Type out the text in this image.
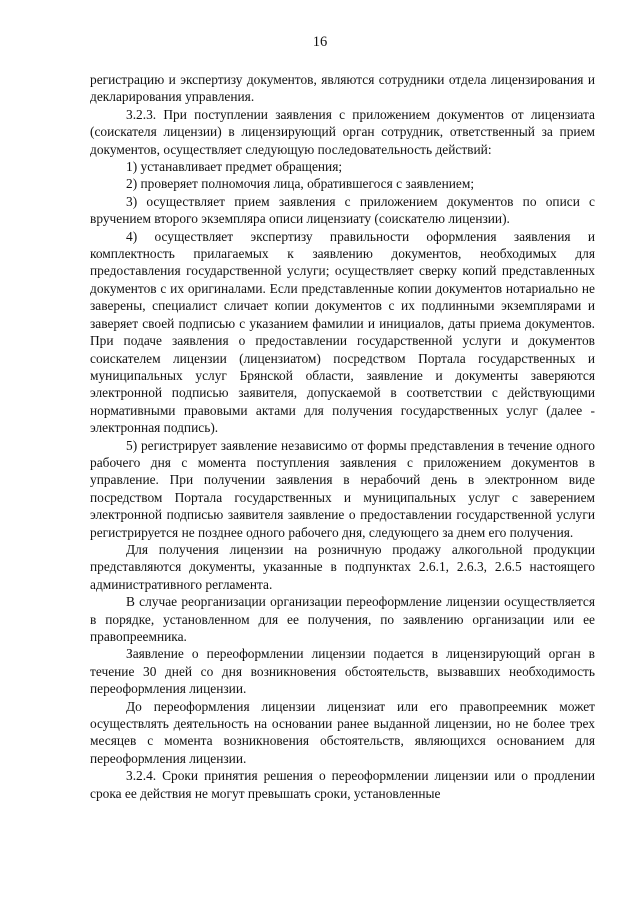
16

регистрацию и экспертизу документов, являются сотрудники отдела лицензирования и декларирования управления.

3.2.3. При поступлении заявления с приложением документов от лицензиата (соискателя лицензии) в лицензирующий орган сотрудник, ответственный за прием документов, осуществляет следующую последовательность действий:

1) устанавливает предмет обращения;

2) проверяет полномочия лица, обратившегося с заявлением;

3) осуществляет прием заявления с приложением документов по описи с вручением второго экземпляра описи лицензиату (соискателю лицензии).

4) осуществляет экспертизу правильности оформления заявления и комплектность прилагаемых к заявлению документов, необходимых для предоставления государственной услуги; осуществляет сверку копий представленных документов с их оригиналами. Если представленные копии документов нотариально не заверены, специалист сличает копии документов с их подлинными экземплярами и заверяет своей подписью с указанием фамилии и инициалов, даты приема документов. При подаче заявления о предоставлении государственной услуги и документов соискателем лицензии (лицензиатом) посредством Портала государственных и муниципальных услуг Брянской области, заявление и документы заверяются электронной подписью заявителя, допускаемой в соответствии с действующими нормативными правовыми актами для получения государственных услуг (далее - электронная подпись).

5) регистрирует заявление независимо от формы представления в течение одного рабочего дня с момента поступления заявления с приложением документов в управление. При получении заявления в нерабочий день в электронном виде посредством Портала государственных и муниципальных услуг с заверением электронной подписью заявителя заявление о предоставлении государственной услуги регистрируется не позднее одного рабочего дня, следующего за днем его получения.

Для получения лицензии на розничную продажу алкогольной продукции представляются документы, указанные в подпунктах 2.6.1, 2.6.3, 2.6.5 настоящего административного регламента.

В случае реорганизации организации переоформление лицензии осуществляется в порядке, установленном для ее получения, по заявлению организации или ее правопреемника.

Заявление о переоформлении лицензии подается в лицензирующий орган в течение 30 дней со дня возникновения обстоятельств, вызвавших необходимость переоформления лицензии.

До переоформления лицензии лицензиат или его правопреемник может осуществлять деятельность на основании ранее выданной лицензии, но не более трех месяцев с момента возникновения обстоятельств, являющихся основанием для переоформления лицензии.

3.2.4. Сроки принятия решения о переоформлении лицензии или о продлении срока ее действия не могут превышать сроки, установленные
